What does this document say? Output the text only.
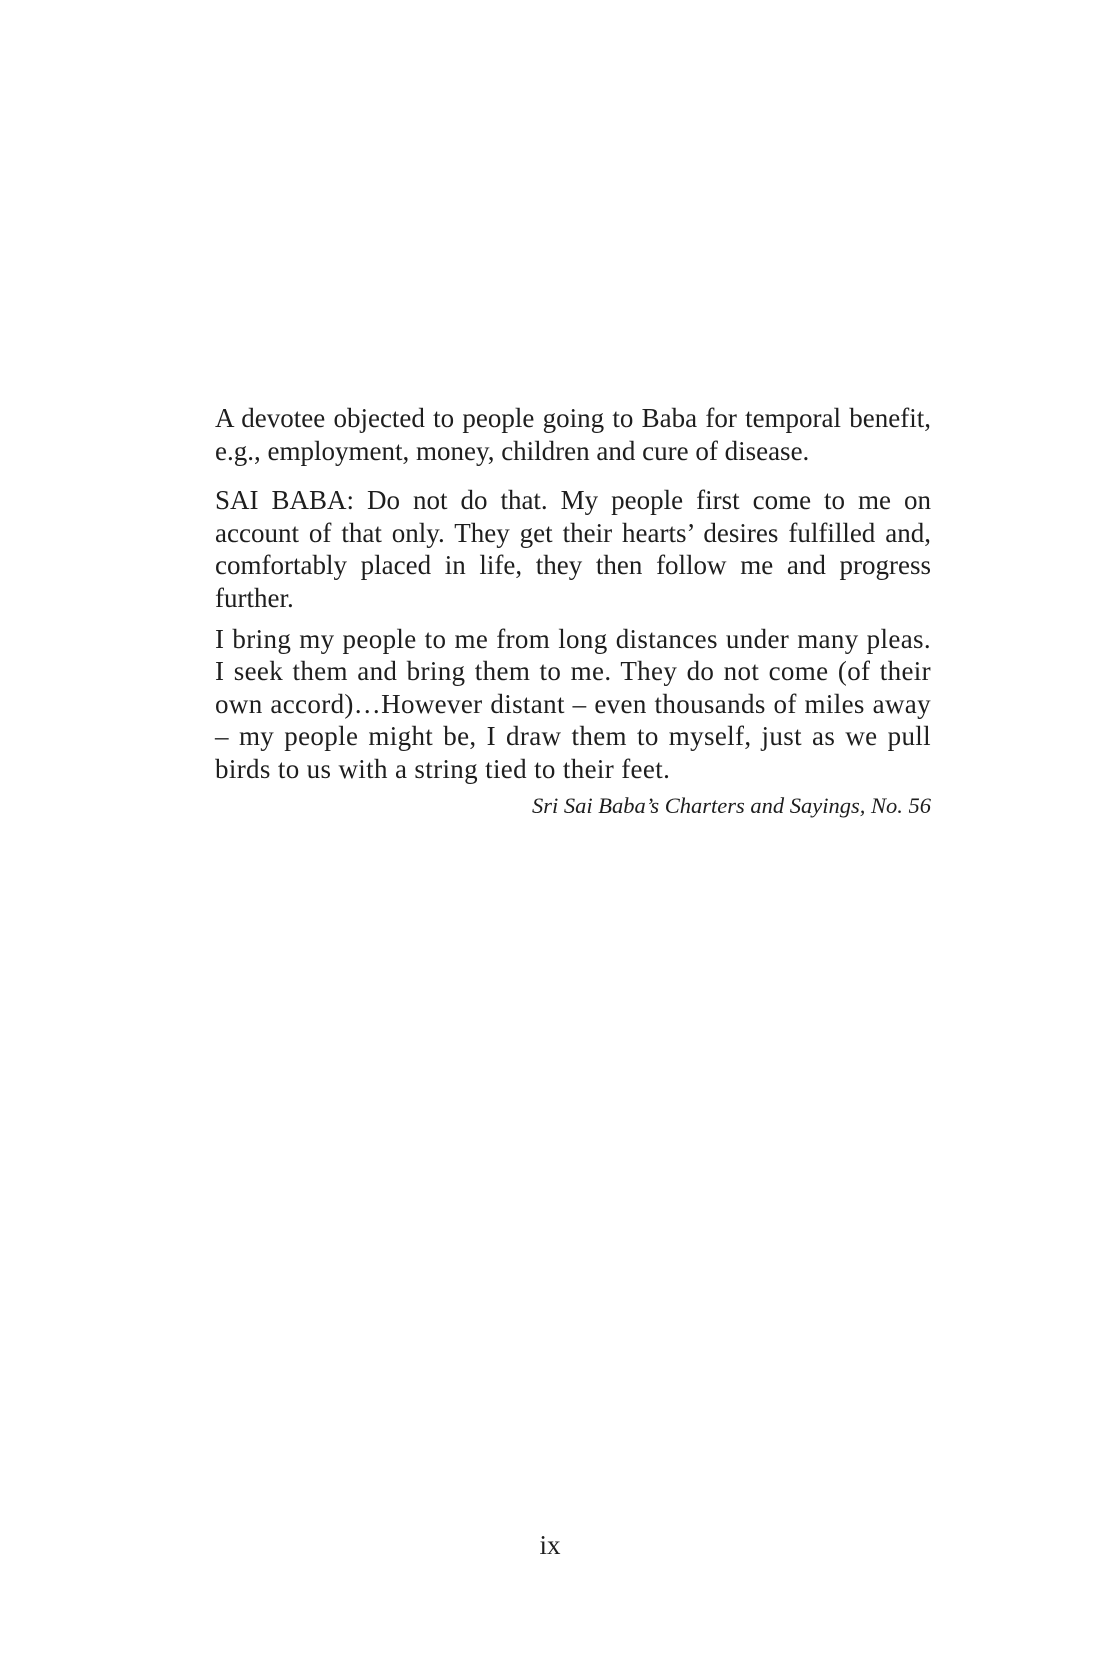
A devotee objected to people going to Baba for temporal benefit, e.g., employment, money, children and cure of disease.

SAI BABA: Do not do that. My people first come to me on account of that only. They get their hearts’ desires fulfilled and, comfortably placed in life, they then follow me and progress further.

I bring my people to me from long distances under many pleas. I seek them and bring them to me. They do not come (of their own accord)…However distant – even thousands of miles away – my people might be, I draw them to myself, just as we pull birds to us with a string tied to their feet.

Sri Sai Baba’s Charters and Sayings, No. 56
ix
